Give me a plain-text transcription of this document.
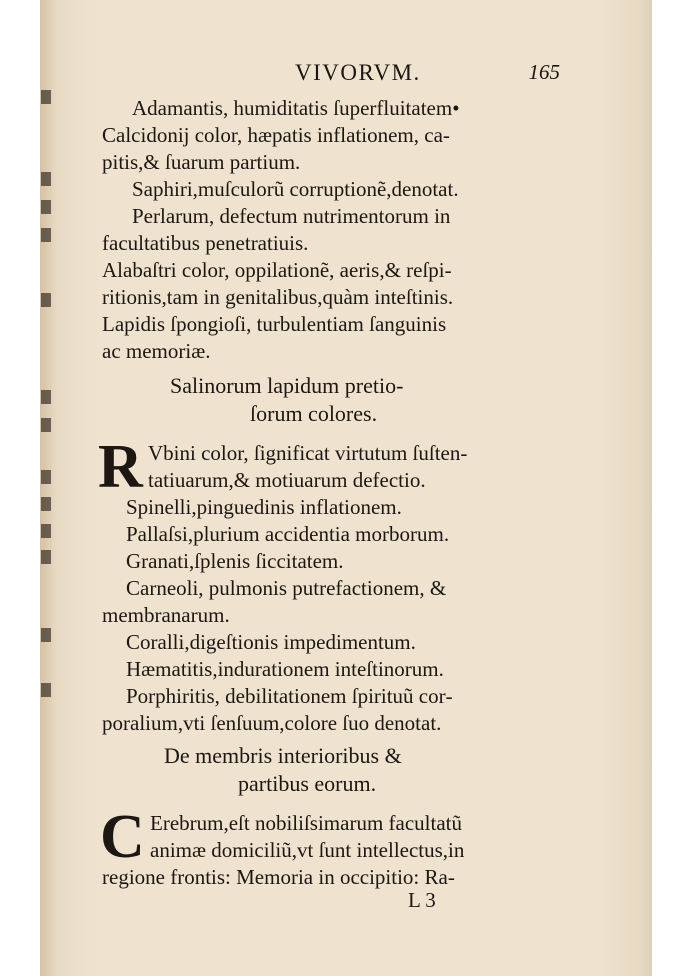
VIVORVM.	165
Adamantis, humiditatis ſuperfluitatem•
Calcidonij color, hæpatis inflationem, ca‑
pitis,& ſuarum partium.
Saphiri,muſculorũ corruptionẽ,denotat.
Perlarum, defectum nutrimentorum in
facultatibus penetratiuis.
Alabaſtri color, oppilationẽ, aeris,& reſpi‑
ritionis,tam in genitalibus,quàm inteſtinis.
Lapidis ſpongioſi, turbulentiam ſanguinis
ac memoriæ.
Salinorum lapidum pretio‑
ſorum colores.
R Vbini color, ſignificat virtutum ſuſten‑
tatiuarum,& motiuarum defectio.
Spinelli,pinguedinis inflationem.
Pallaſsi,plurium accidentia morborum.
Granati,ſplenis ſiccitatem.
Carneoli, pulmonis putrefactionem, &
membranarum.
Coralli,digeſtionis impedimentum.
Hæmatitis,indurationem inteſtinorum.
Porphiritis, debilitationem ſpirituũ cor‑
poralium,vti ſenſuum,colore ſuo denotat.
De membris interioribus &
partibus eorum.
C Erebrum,eſt nobiliſsimarum facultatũ
animæ domiciliũ,vt ſunt intellectus,in
regione frontis: Memoria in occipitio: Ra‑
L 3
